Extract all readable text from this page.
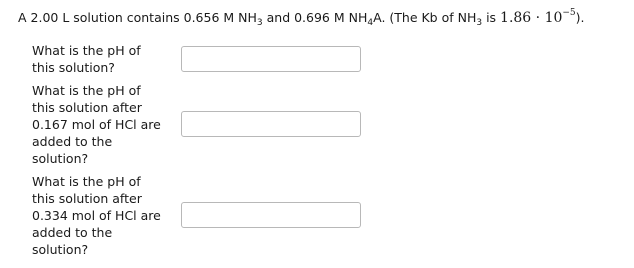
A 2.00 L solution contains 0.656 M $NH_3$ and 0.696 M $NH_4A$. (The Kb of $NH_3$ is $1.86 \cdot 10^{-5}$).
What is the pH of
this solution?
What is the pH of
this solution after
0.167 mol of HCl are
added to the
solution?
What is the pH of
this solution after
0.334 mol of HCl are
added to the
solution?
